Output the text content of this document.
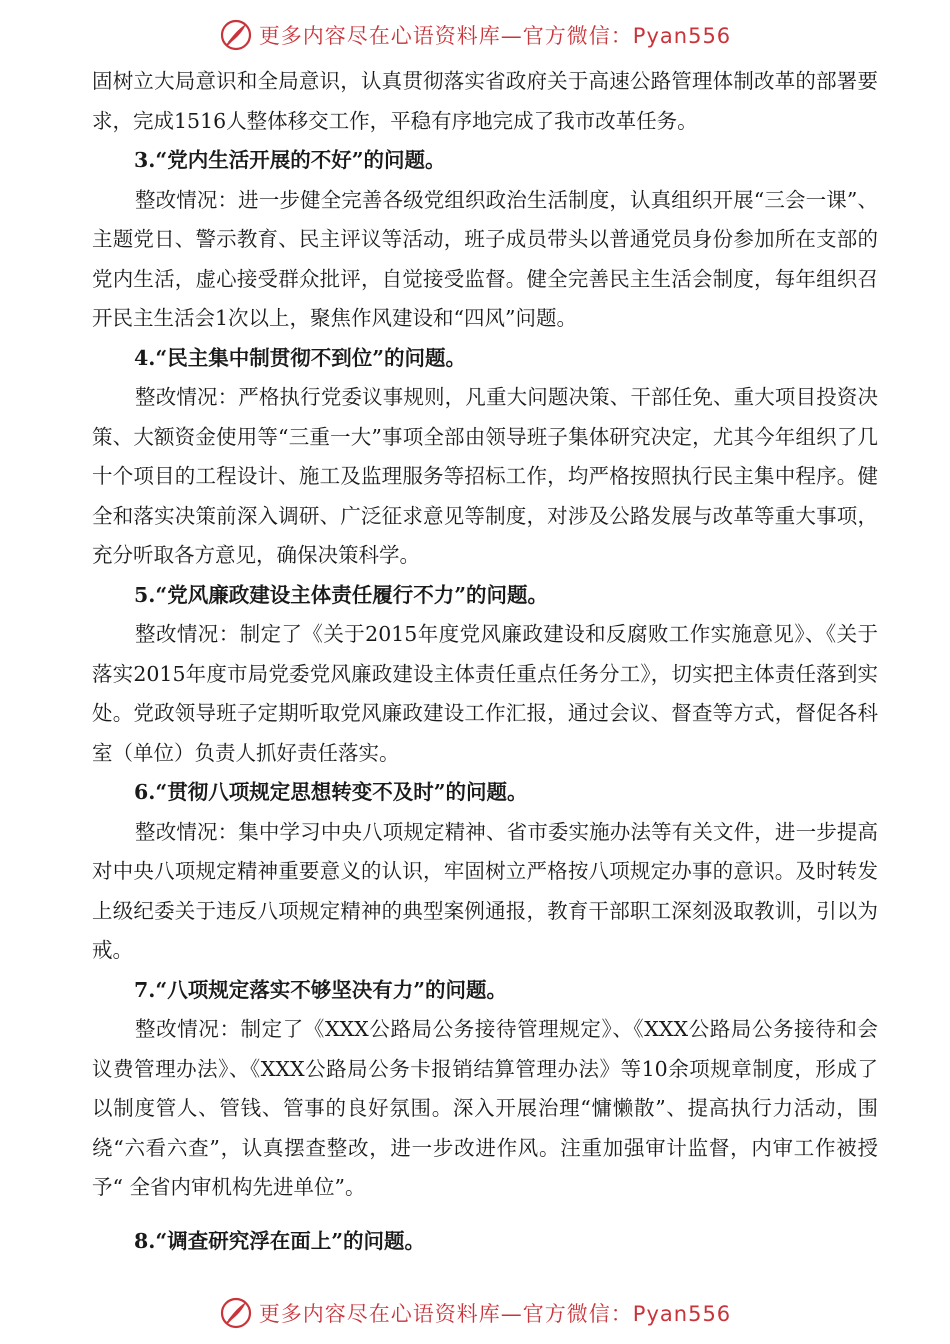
更多内容尽在心语资料库—官方微信：Pyan556

固树立大局意识和全局意识，认真贯彻落实省政府关于高速公路管理体制改革的部署要求，完成1516人整体移交工作，平稳有序地完成了我市改革任务。

3.“党内生活开展的不好”的问题。

整改情况：进一步健全完善各级党组织政治生活制度，认真组织开展“三会一课”、主题党日、警示教育、民主评议等活动，班子成员带头以普通党员身份参加所在支部的党内生活，虚心接受群众批评，自觉接受监督。健全完善民主生活会制度，每年组织召开民主生活会1次以上，聚焦作风建设和“四风”问题。

4.“民主集中制贯彻不到位”的问题。

整改情况：严格执行党委议事规则，凡重大问题决策、干部任免、重大项目投资决策、大额资金使用等“三重一大”事项全部由领导班子集体研究决定，尤其今年组织了几十个项目的工程设计、施工及监理服务等招标工作，均严格按照执行民主集中程序。健全和落实决策前深入调研、广泛征求意见等制度，对涉及公路发展与改革等重大事项，充分听取各方意见，确保决策科学。

5.“党风廉政建设主体责任履行不力”的问题。

整改情况：制定了《关于2015年度党风廉政建设和反腐败工作实施意见》、《关于落实2015年度市局党委党风廉政建设主体责任重点任务分工》，切实把主体责任落到实处。党政领导班子定期听取党风廉政建设工作汇报，通过会议、督查等方式，督促各科室（单位）负责人抓好责任落实。

6.“贯彻八项规定思想转变不及时”的问题。

整改情况：集中学习中央八项规定精神、省市委实施办法等有关文件，进一步提高对中央八项规定精神重要意义的认识，牢固树立严格按八项规定办事的意识。及时转发上级纪委关于违反八项规定精神的典型案例通报，教育干部职工深刻汲取教训，引以为戒。

7.“八项规定落实不够坚决有力”的问题。

整改情况：制定了《XXX公路局公务接待管理规定》、《XXX公路局公务接待和会议费管理办法》、《XXX公路局公务卡报销结算管理办法》等10余项规章制度，形成了以制度管人、管钱、管事的良好氛围。深入开展治理“慵懒散”、提高执行力活动，围绕“六看六查”，认真摆查整改，进一步改进作风。注重加强审计监督，内审工作被授予“ 全省内审机构先进单位”。

8.“调查研究浮在面上”的问题。

更多内容尽在心语资料库—官方微信：Pyan556
